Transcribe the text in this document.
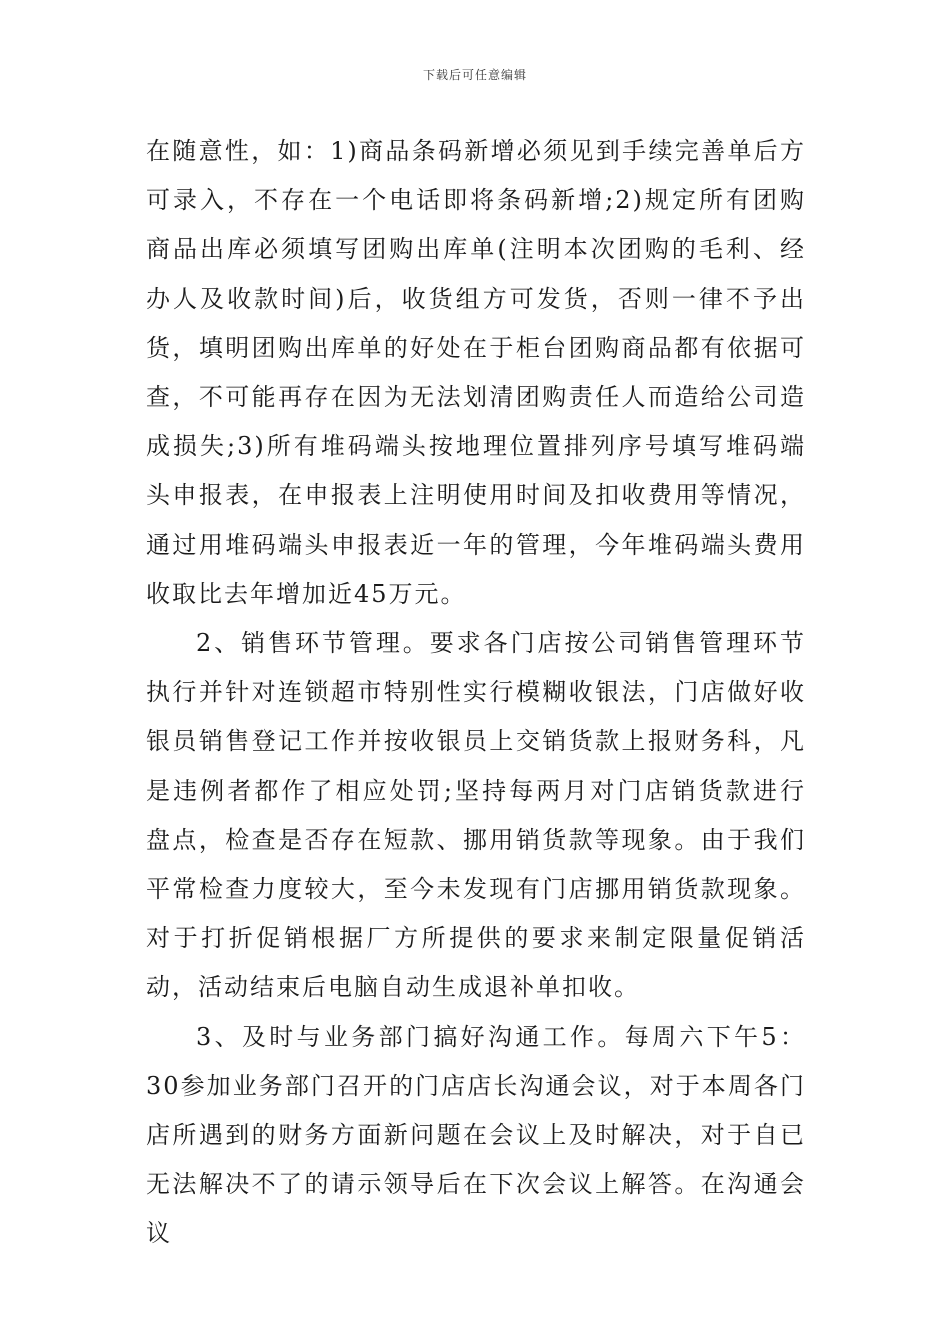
下载后可任意编辑

在随意性，如：1)商品条码新增必须见到手续完善单后方可录入，不存在一个电话即将条码新增;2)规定所有团购商品出库必须填写团购出库单(注明本次团购的毛利、经办人及收款时间)后，收货组方可发货，否则一律不予出货，填明团购出库单的好处在于柜台团购商品都有依据可查，不可能再存在因为无法划清团购责任人而造给公司造成损失;3)所有堆码端头按地理位置排列序号填写堆码端头申报表，在申报表上注明使用时间及扣收费用等情况，通过用堆码端头申报表近一年的管理，今年堆码端头费用收取比去年增加近45万元。

2、销售环节管理。要求各门店按公司销售管理环节执行并针对连锁超市特别性实行模糊收银法，门店做好收银员销售登记工作并按收银员上交销货款上报财务科，凡是违例者都作了相应处罚;坚持每两月对门店销货款进行盘点，检查是否存在短款、挪用销货款等现象。由于我们平常检查力度较大，至今未发现有门店挪用销货款现象。对于打折促销根据厂方所提供的要求来制定限量促销活动，活动结束后电脑自动生成退补单扣收。

3、及时与业务部门搞好沟通工作。每周六下午5：30参加业务部门召开的门店店长沟通会议，对于本周各门店所遇到的财务方面新问题在会议上及时解决，对于自已无法解决不了的请示领导后在下次会议上解答。在沟通会议
